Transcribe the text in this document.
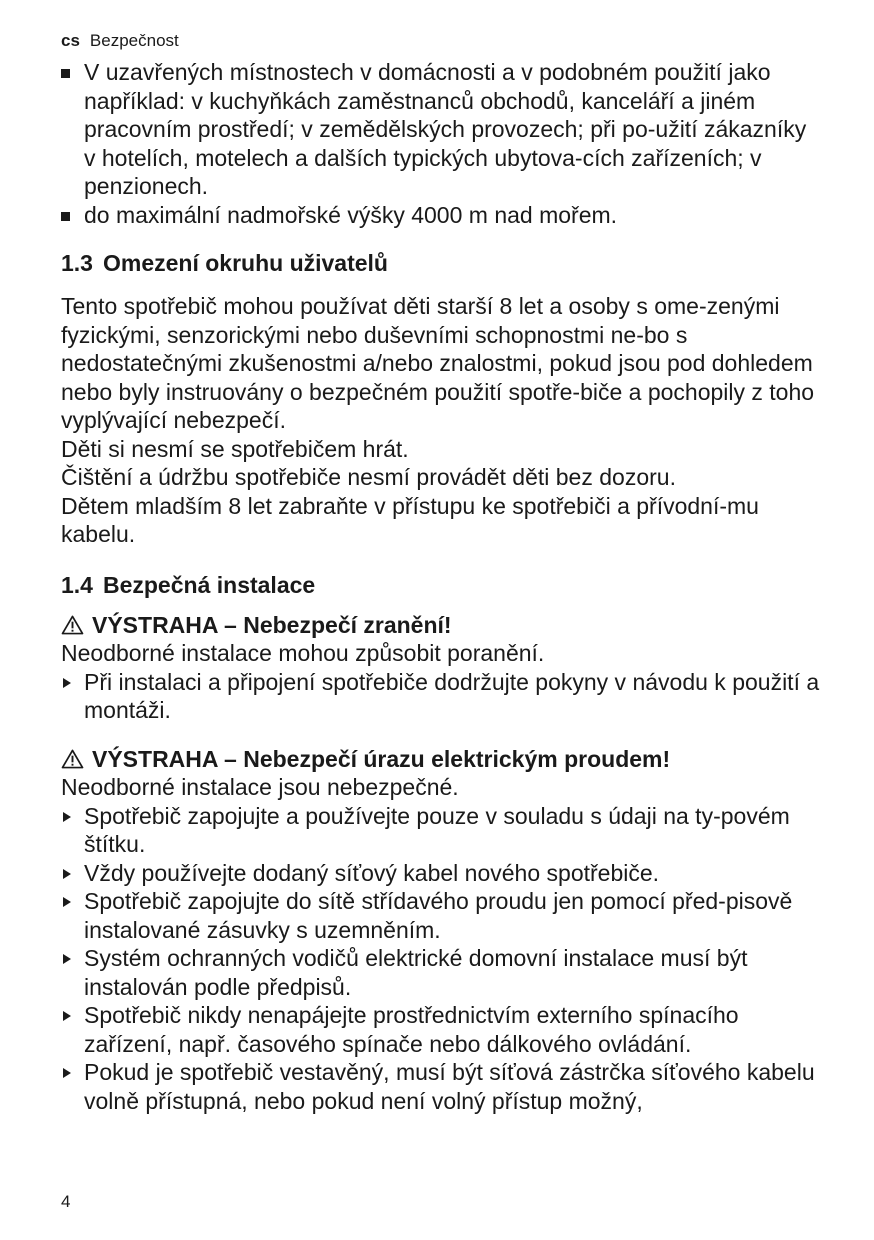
cs Bezpečnost
V uzavřených místnostech v domácnosti a v podobném použití jako například: v kuchyňkách zaměstnanců obchodů, kanceláří a jiném pracovním prostředí; v zemědělských provozech; při po-užití zákazníky v hotelích, motelech a dalších typických ubytova-cích zařízeních; v penzionech.
do maximální nadmořské výšky 4000 m nad mořem.
1.3 Omezení okruhu uživatelů
Tento spotřebič mohou používat děti starší 8 let a osoby s ome-zenými fyzickými, senzorickými nebo duševními schopnostmi ne-bo s nedostatečnými zkušenostmi a/nebo znalostmi, pokud jsou pod dohledem nebo byly instruovány o bezpečném použití spotře-biče a pochopily z toho vyplývající nebezpečí.
Děti si nesmí se spotřebičem hrát.
Čištění a údržbu spotřebiče nesmí provádět děti bez dozoru.
Dětem mladším 8 let zabraňte v přístupu ke spotřebiči a přívodní-mu kabelu.
1.4 Bezpečná instalace
VÝSTRAHA – Nebezpečí zranění!
Neodborné instalace mohou způsobit poranění.
Při instalaci a připojení spotřebiče dodržujte pokyny v návodu k použití a montáži.
VÝSTRAHA – Nebezpečí úrazu elektrickým proudem!
Neodborné instalace jsou nebezpečné.
Spotřebič zapojujte a používejte pouze v souladu s údaji na ty-povém štítku.
Vždy používejte dodaný síťový kabel nového spotřebiče.
Spotřebič zapojujte do sítě střídavého proudu jen pomocí před-pisově instalované zásuvky s uzemněním.
Systém ochranných vodičů elektrické domovní instalace musí být instalován podle předpisů.
Spotřebič nikdy nenapájejte prostřednictvím externího spínacího zařízení, např. časového spínače nebo dálkového ovládání.
Pokud je spotřebič vestavěný, musí být síťová zástrčka síťového kabelu volně přístupná, nebo pokud není volný přístup možný,
4
